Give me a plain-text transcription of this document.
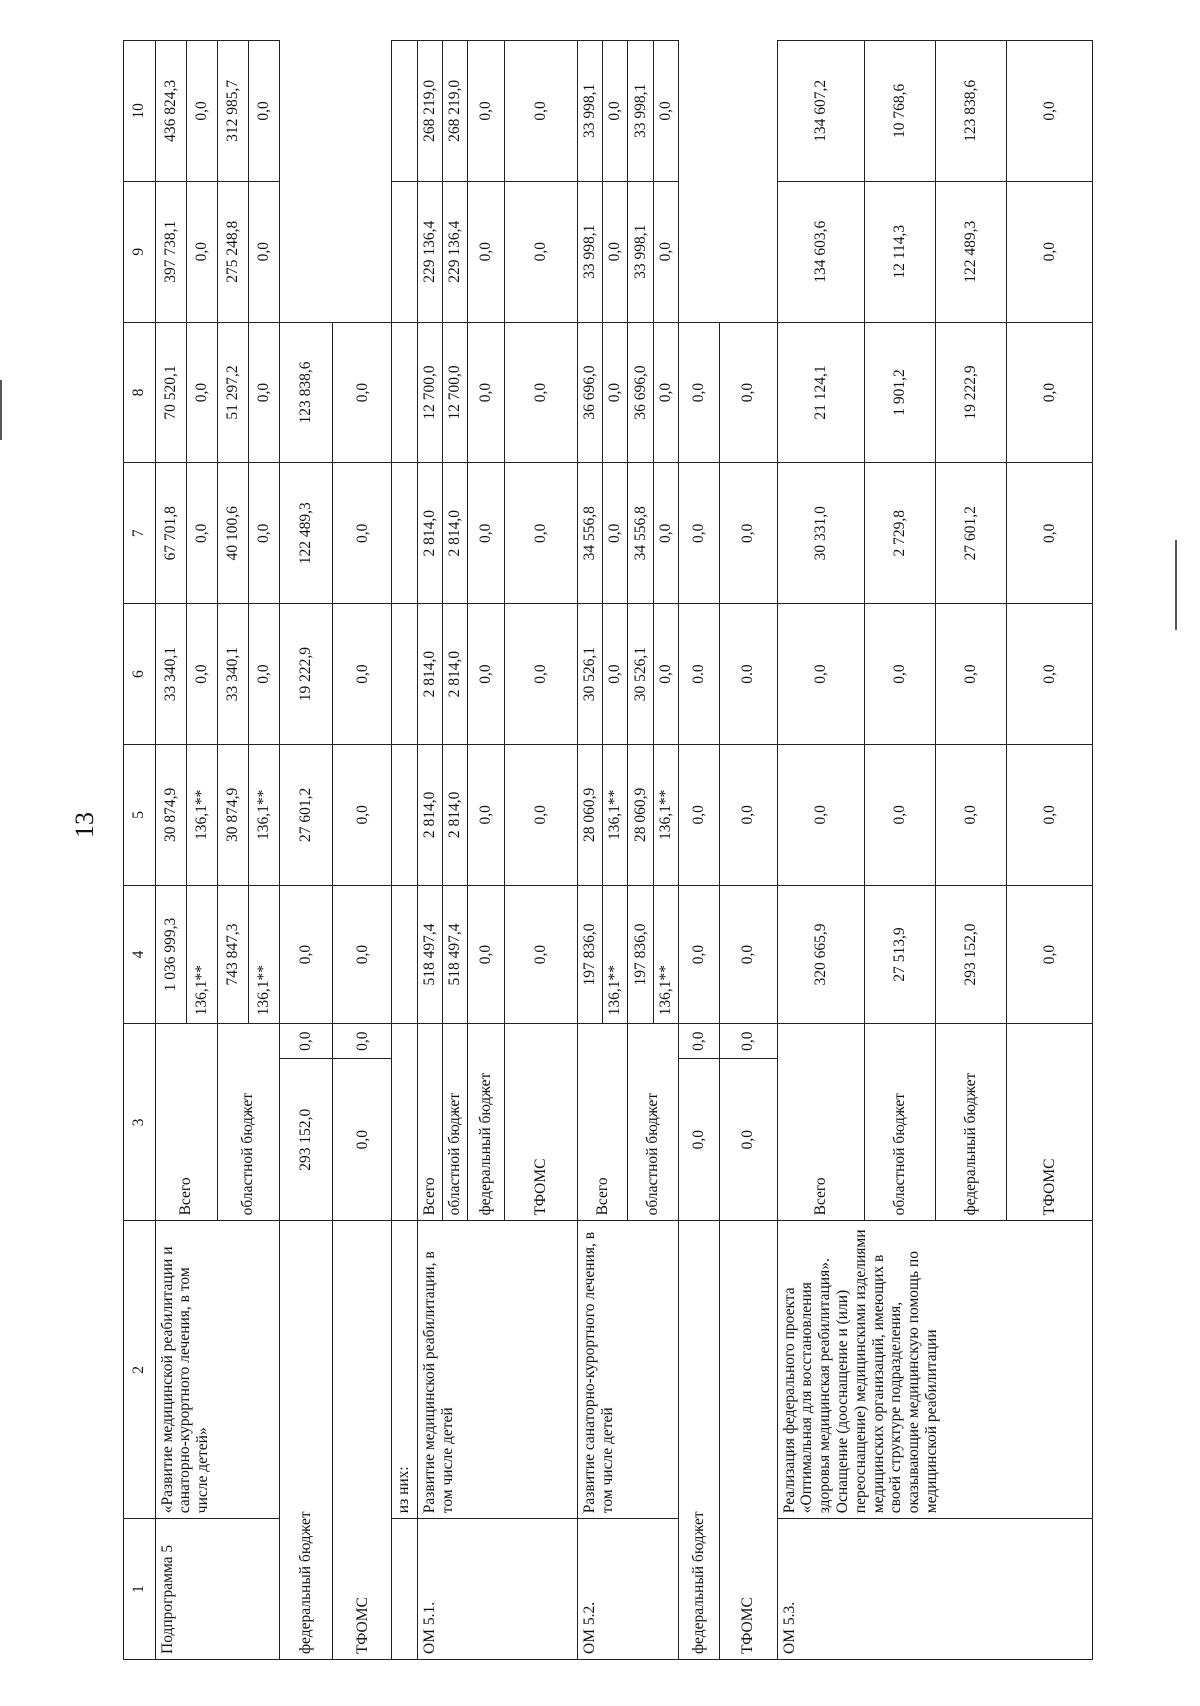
13
1	2	3		4	5	6	7	8	9	10
Подпрограмма 5	«Развитие медицинской реабилитации и санаторно-курортного лечения, в том числе детей»	Всего		1 036 999,3	30 874,9	33 340,1	67 701,8	70 520,1	397 738,1	436 824,3
				136,1**	136,1**	0,0	0,0	0,0	0,0	0,0
		областной бюджет		743 847,3	30 874,9	33 340,1	40 100,6	51 297,2	275 248,8	312 985,7
				136,1**	136,1**	0,0	0,0	0,0	0,0	0,0
федеральный бюджет		293 152,0	0,0	0,0	27 601,2	19 222,9	122 489,3	123 838,6		
ТФОМС		0,0	0,0	0,0	0,0	0,0	0,0	0,0		
	из них:									
ОМ 5.1.	Развитие медицинской реабилитации, в том числе детей	Всего		518 497,4	2 814,0	2 814,0	2 814,0	12 700,0	229 136,4	268 219,0
		областной бюджет		518 497,4	2 814,0	2 814,0	2 814,0	12 700,0	229 136,4	268 219,0
		федеральный бюджет		0,0	0,0	0,0	0,0	0,0	0,0	0,0
		ТФОМС		0,0	0,0	0,0	0,0	0,0	0,0	0,0
ОМ 5.2.	Развитие санаторно-курортного лечения, в том числе детей	Всего		197 836,0	28 060,9	30 526,1	34 556,8	36 696,0	33 998,1	33 998,1
				136,1**	136,1**	0,0	0,0	0,0	0,0	0,0
		областной бюджет		197 836,0	28 060,9	30 526,1	34 556,8	36 696,0	33 998,1	33 998,1
				136,1**	136,1**	0,0	0,0	0,0	0,0	0,0
федеральный бюджет		0,0	0,0	0,0	0,0	0.0	0,0	0,0		
ТФОМС		0,0	0,0	0,0	0,0	0.0	0,0	0,0		
ОМ 5.3.	Реализация федерального проекта «Оптимальная для восстановления здоровья медицинская реабилитация». Оснащение (дооснащение и (или) переоснащение) медицинскими изделиями медицинских организаций, имеющих в своей структуре подразделения, оказывающие медицинскую помощь по медицинской реабилитации	Всего		320 665,9	0,0	0,0	30 331,0	21 124,1	134 603,6	134 607,2
		областной бюджет		27 513,9	0,0	0,0	2 729,8	1 901,2	12 114,3	10 768,6
		федеральный бюджет		293 152,0	0,0	0,0	27 601,2	19 222,9	122 489,3	123 838,6
		ТФОМС		0,0	0,0	0,0	0,0	0,0	0,0	0,0
